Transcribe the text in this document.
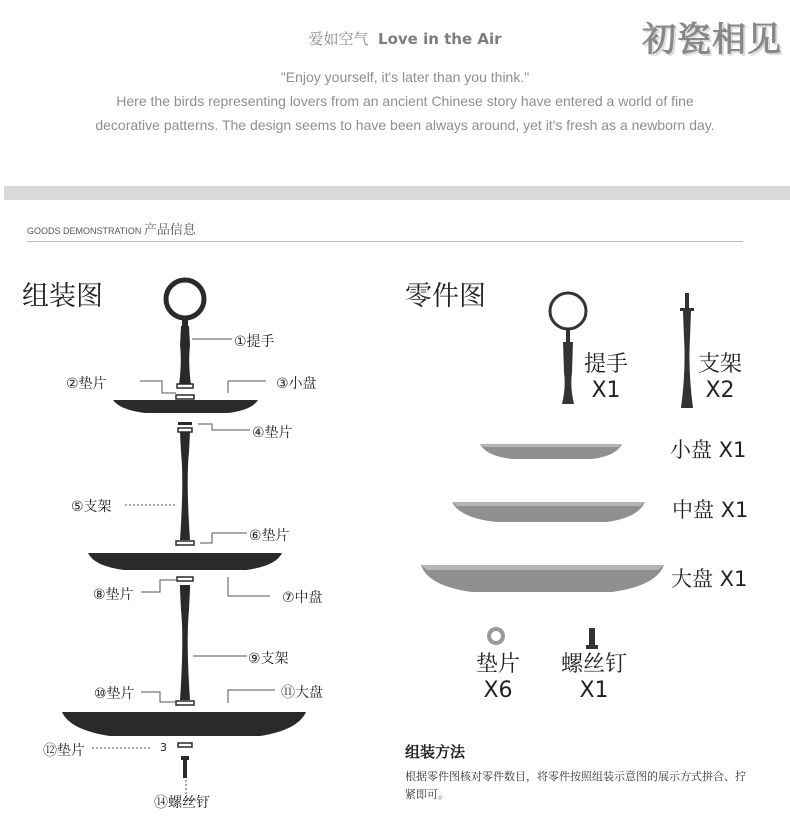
初瓷相见
爱如空气 Love in the Air
"Enjoy yourself, it's later than you think."
Here the birds representing lovers from an ancient Chinese story have entered a world of fine
decorative patterns. The design seems to have been always around, yet it's fresh as a newborn day.
GOODS DEMONSTRATION 产品信息
组装图
①提手
②垫片	③小盘
④垫片
⑤支架
⑥垫片
⑦中盘
⑧垫片
⑨支架
⑩垫片	⑪大盘
⑫垫片	3
⑭螺丝钉
零件图
提手
X1
支架
X2
小盘 X1
中盘 X1
大盘 X1
垫片
X6
螺丝钉
X1
组装方法
根据零件图核对零件数目，将零件按照组装示意图的展示方式拼合、拧紧即可。
